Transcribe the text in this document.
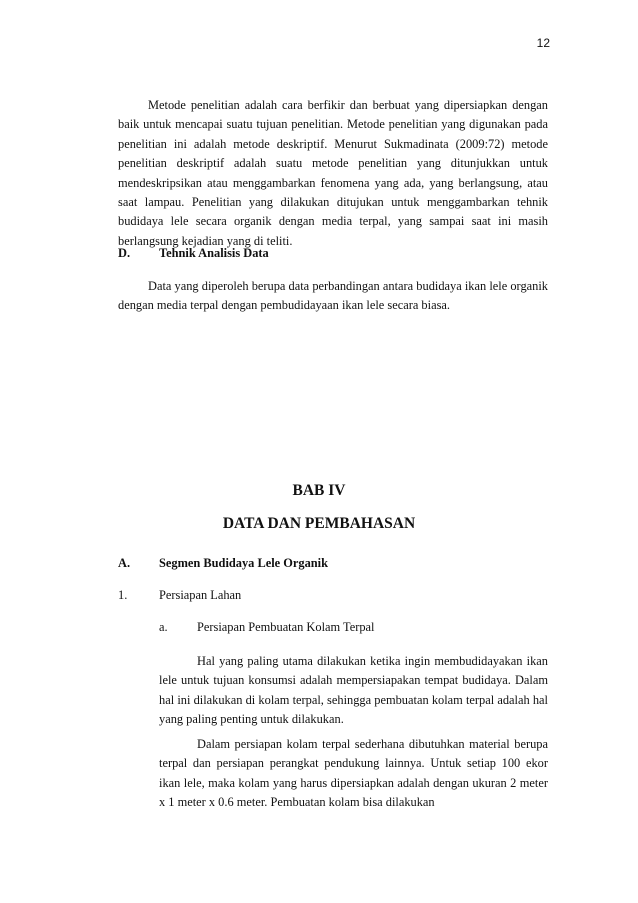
12

Metode penelitian adalah cara berfikir dan berbuat yang dipersiapkan dengan baik untuk mencapai suatu tujuan penelitian. Metode penelitian yang digunakan pada penelitian ini adalah metode deskriptif. Menurut Sukmadinata (2009:72) metode penelitian deskriptif adalah suatu metode penelitian yang ditunjukkan untuk mendeskripsikan atau menggambarkan fenomena yang ada, yang berlangsung, atau saat lampau. Penelitian yang dilakukan ditujukan untuk menggambarkan tehnik budidaya lele secara organik dengan media terpal, yang sampai saat ini masih berlangsung kejadian yang di teliti.

D. Tehnik Analisis Data

Data yang diperoleh berupa data perbandingan antara budidaya ikan lele organik dengan media terpal dengan pembudidayaan ikan lele secara biasa.

BAB IV

DATA DAN PEMBAHASAN

A. Segmen Budidaya Lele Organik

1.	Persiapan Lahan

a. Persiapan Pembuatan Kolam Terpal

Hal yang paling utama dilakukan ketika ingin membudidayakan ikan lele untuk tujuan konsumsi adalah mempersiapakan tempat budidaya. Dalam hal ini dilakukan di kolam terpal, sehingga pembuatan kolam terpal adalah hal yang paling penting untuk dilakukan.

Dalam persiapan kolam terpal sederhana dibutuhkan material berupa terpal dan persiapan perangkat pendukung lainnya. Untuk setiap 100 ekor ikan lele, maka kolam yang harus dipersiapkan adalah dengan ukuran 2 meter x 1 meter x 0.6 meter. Pembuatan kolam bisa dilakukan
